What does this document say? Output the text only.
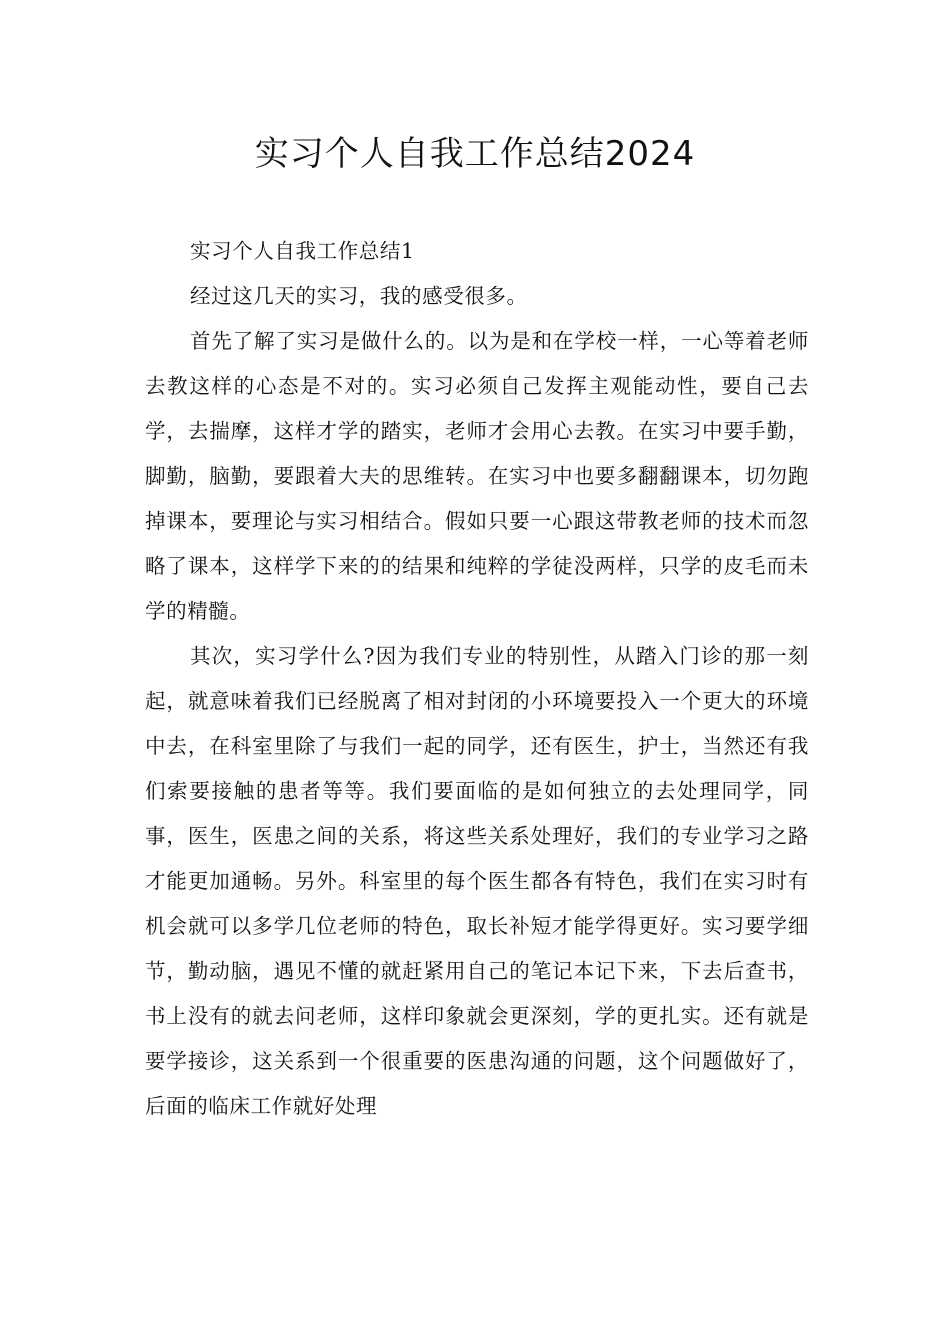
实习个人自我工作总结2024

实习个人自我工作总结1

经过这几天的实习，我的感受很多。

首先了解了实习是做什么的。以为是和在学校一样，一心等着老师去教这样的心态是不对的。实习必须自己发挥主观能动性，要自己去学，去揣摩，这样才学的踏实，老师才会用心去教。在实习中要手勤，脚勤，脑勤，要跟着大夫的思维转。在实习中也要多翻翻课本，切勿跑掉课本，要理论与实习相结合。假如只要一心跟这带教老师的技术而忽略了课本，这样学下来的的结果和纯粹的学徒没两样，只学的皮毛而未学的精髓。

其次，实习学什么?因为我们专业的特别性，从踏入门诊的那一刻起，就意味着我们已经脱离了相对封闭的小环境要投入一个更大的环境中去，在科室里除了与我们一起的同学，还有医生，护士，当然还有我们索要接触的患者等等。我们要面临的是如何独立的去处理同学，同事，医生，医患之间的关系，将这些关系处理好，我们的专业学习之路才能更加通畅。另外。科室里的每个医生都各有特色，我们在实习时有机会就可以多学几位老师的特色，取长补短才能学得更好。实习要学细节，勤动脑，遇见不懂的就赶紧用自己的笔记本记下来，下去后查书，书上没有的就去问老师，这样印象就会更深刻，学的更扎实。还有就是要学接诊，这关系到一个很重要的医患沟通的问题，这个问题做好了，后面的临床工作就好处理
